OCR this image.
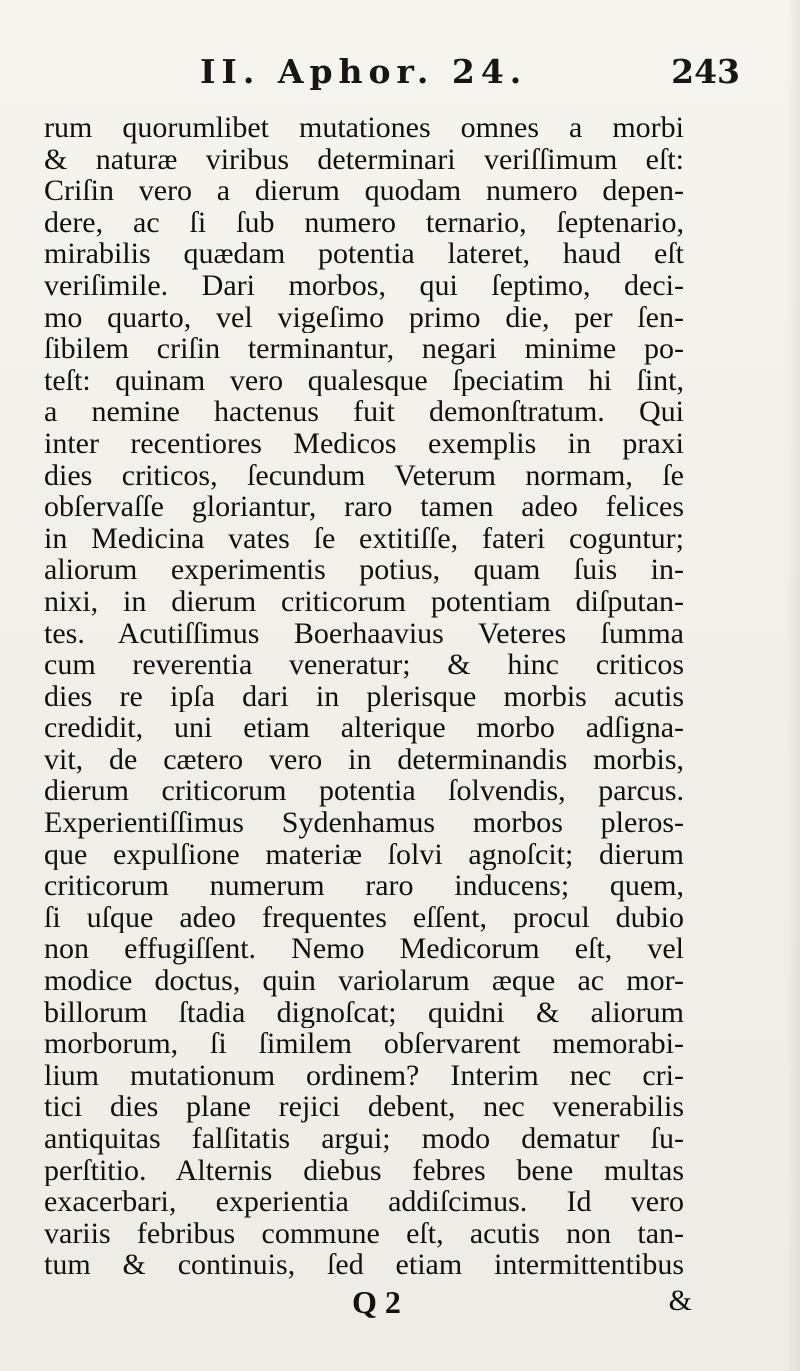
II. Aphor. 24.	243
rum quorumlibet mutationes omnes a morbi
& naturæ viribus determinari veriſſimum eſt:
Criſin vero a dierum quodam numero depen-
dere, ac ſi ſub numero ternario, ſeptenario,
mirabilis quædam potentia lateret, haud eſt
veriſimile. Dari morbos, qui ſeptimo, deci-
mo quarto, vel vigeſimo primo die, per ſen-
ſibilem criſin terminantur, negari minime po-
teſt: quinam vero qualesque ſpeciatim hi ſint,
a nemine hactenus fuit demonſtratum. Qui
inter recentiores Medicos exemplis in praxi
dies criticos, ſecundum Veterum normam, ſe
obſervaſſe gloriantur, raro tamen adeo felices
in Medicina vates ſe extitiſſe, fateri coguntur;
aliorum experimentis potius, quam ſuis in-
nixi, in dierum criticorum potentiam diſputan-
tes. Acutiſſimus Boerhaavius Veteres ſumma
cum reverentia veneratur; & hinc criticos
dies re ipſa dari in plerisque morbis acutis
credidit, uni etiam alterique morbo adſigna-
vit, de cætero vero in determinandis morbis,
dierum criticorum potentia ſolvendis, parcus.
Experientiſſimus Sydenhamus morbos pleros-
que expulſione materiæ ſolvi agnoſcit; dierum
criticorum numerum raro inducens; quem,
ſi uſque adeo frequentes eſſent, procul dubio
non effugiſſent. Nemo Medicorum eſt, vel
modice doctus, quin variolarum æque ac mor-
billorum ſtadia dignoſcat; quidni & aliorum
morborum, ſi ſimilem obſervarent memorabi-
lium mutationum ordinem? Interim nec cri-
tici dies plane rejici debent, nec venerabilis
antiquitas falſitatis argui; modo dematur ſu-
perſtitio. Alternis diebus febres bene multas
exacerbari, experientia addiſcimus. Id vero
variis febribus commune eſt, acutis non tan-
tum & continuis, ſed etiam intermittentibus
Q 2	&
